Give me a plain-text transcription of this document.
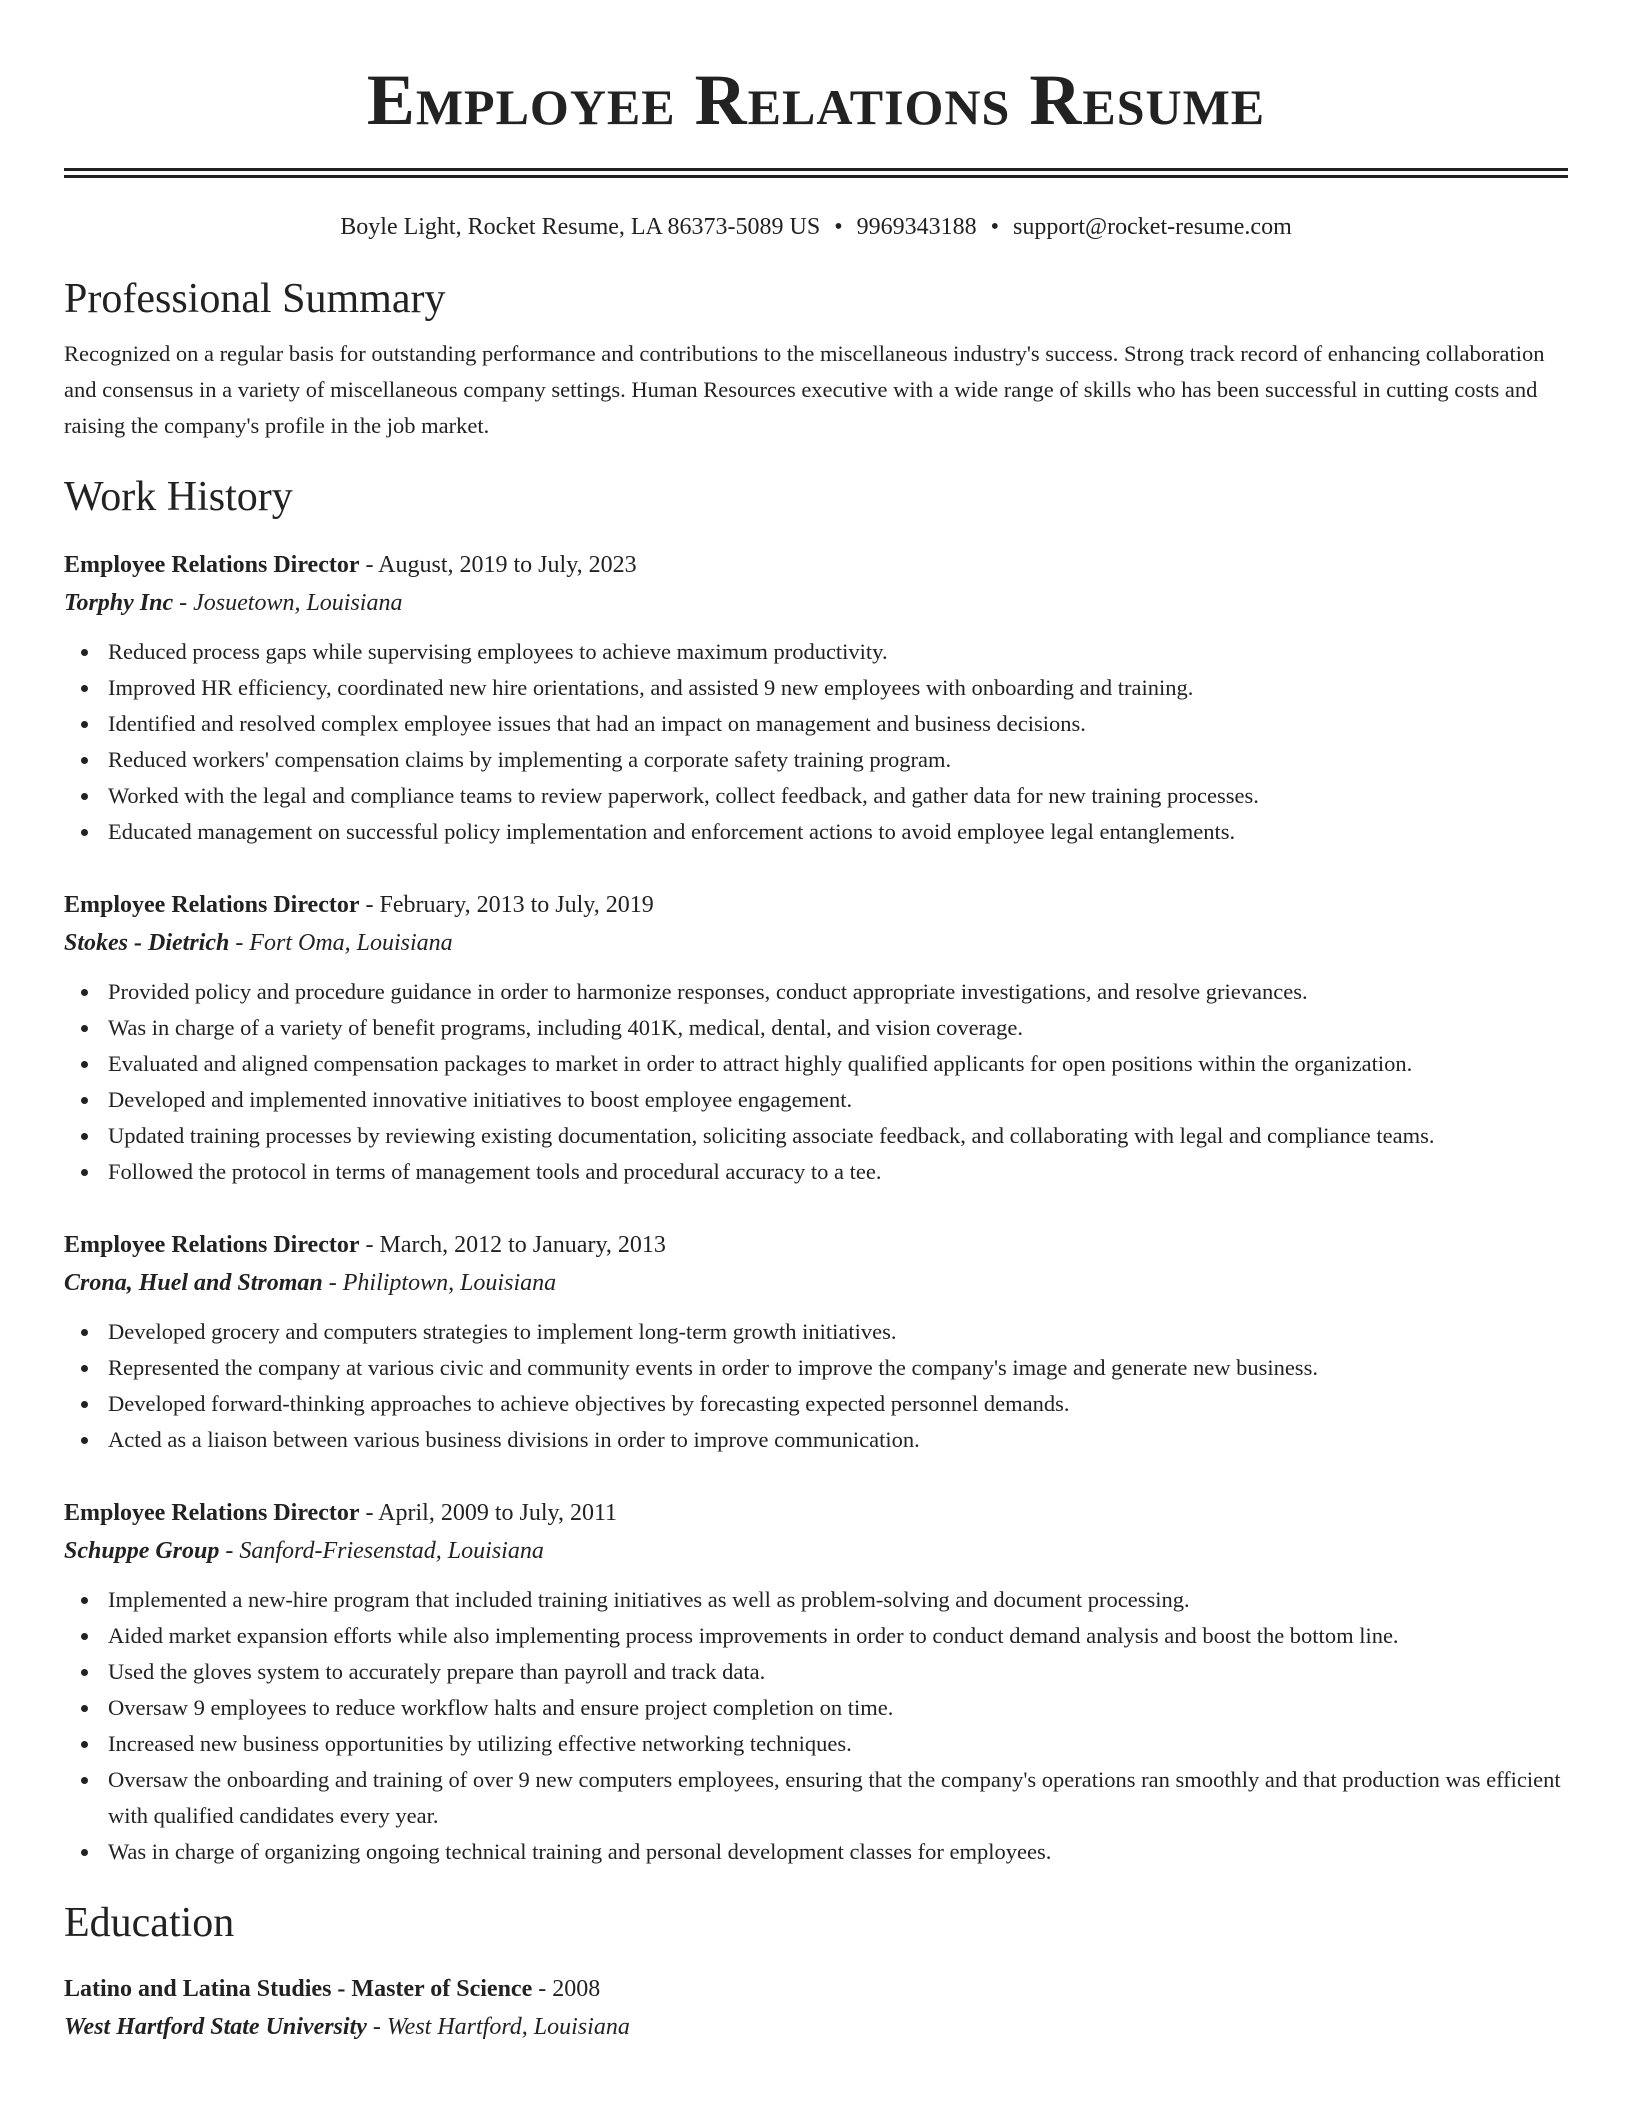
Employee Relations Resume
Boyle Light, Rocket Resume, LA 86373-5089 US • 9969343188 • support@rocket-resume.com
Professional Summary

Recognized on a regular basis for outstanding performance and contributions to the miscellaneous industry's success. Strong track record of enhancing collaboration and consensus in a variety of miscellaneous company settings. Human Resources executive with a wide range of skills who has been successful in cutting costs and raising the company's profile in the job market.

Work History
Employee Relations Director - August, 2019 to July, 2023
Torphy Inc - Josuetown, Louisiana
Reduced process gaps while supervising employees to achieve maximum productivity.
Improved HR efficiency, coordinated new hire orientations, and assisted 9 new employees with onboarding and training.
Identified and resolved complex employee issues that had an impact on management and business decisions.
Reduced workers' compensation claims by implementing a corporate safety training program.
Worked with the legal and compliance teams to review paperwork, collect feedback, and gather data for new training processes.
Educated management on successful policy implementation and enforcement actions to avoid employee legal entanglements.
Employee Relations Director - February, 2013 to July, 2019
Stokes - Dietrich - Fort Oma, Louisiana
Provided policy and procedure guidance in order to harmonize responses, conduct appropriate investigations, and resolve grievances.
Was in charge of a variety of benefit programs, including 401K, medical, dental, and vision coverage.
Evaluated and aligned compensation packages to market in order to attract highly qualified applicants for open positions within the organization.
Developed and implemented innovative initiatives to boost employee engagement.
Updated training processes by reviewing existing documentation, soliciting associate feedback, and collaborating with legal and compliance teams.
Followed the protocol in terms of management tools and procedural accuracy to a tee.
Employee Relations Director - March, 2012 to January, 2013
Crona, Huel and Stroman - Philiptown, Louisiana
Developed grocery and computers strategies to implement long-term growth initiatives.
Represented the company at various civic and community events in order to improve the company's image and generate new business.
Developed forward-thinking approaches to achieve objectives by forecasting expected personnel demands.
Acted as a liaison between various business divisions in order to improve communication.
Employee Relations Director - April, 2009 to July, 2011
Schuppe Group - Sanford-Friesenstad, Louisiana
Implemented a new-hire program that included training initiatives as well as problem-solving and document processing.
Aided market expansion efforts while also implementing process improvements in order to conduct demand analysis and boost the bottom line.
Used the gloves system to accurately prepare than payroll and track data.
Oversaw 9 employees to reduce workflow halts and ensure project completion on time.
Increased new business opportunities by utilizing effective networking techniques.
Oversaw the onboarding and training of over 9 new computers employees, ensuring that the company's operations ran smoothly and that production was efficient with qualified candidates every year.
Was in charge of organizing ongoing technical training and personal development classes for employees.
Education
Latino and Latina Studies - Master of Science - 2008
West Hartford State University - West Hartford, Louisiana
